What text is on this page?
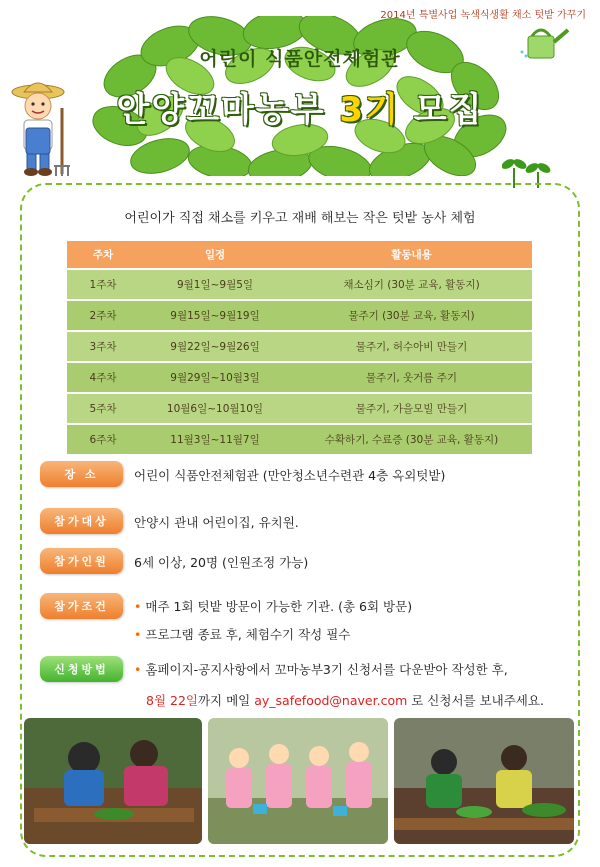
2014년 특별사업 녹색식생활 채소 텃밭 가꾸기
어린이 식품안전체험관
안양꼬마농부 3기 모집
어린이가 직접 채소를 키우고 재배 해보는 작은 텃밭 농사 체험
주차	일정	활동내용
1주차	9월1일~9월5일	채소심기 (30분 교육, 활동지)
2주차	9월15일~9월19일	물주기 (30분 교육, 활동지)
3주차	9월22일~9월26일	물주기, 허수아비 만들기
4주차	9월29일~10월3일	물주기, 웃거름 주기
5주차	10월6일~10월10일	물주기, 가을모빌 만들기
6주차	11월3일~11월7일	수확하기, 수료증 (30분 교육, 활동지)
장 소	어린이 식품안전체험관 (만안청소년수련관 4층 옥외텃밭)
참가대상	안양시 관내 어린이집, 유치원.
참가인원	6세 이상, 20명 (인원조정 가능)
참가조건	• 매주 1회 텃밭 방문이 가능한 기관. (총 6회 방문)
• 프로그램 종료 후, 체험수기 작성 필수
신청방법	• 홈페이지-공지사항에서 꼬마농부3기 신청서를 다운받아 작성한 후,
8월 22일까지 메일 ay_safefood@naver.com 로 신청서를 보내주세요.
